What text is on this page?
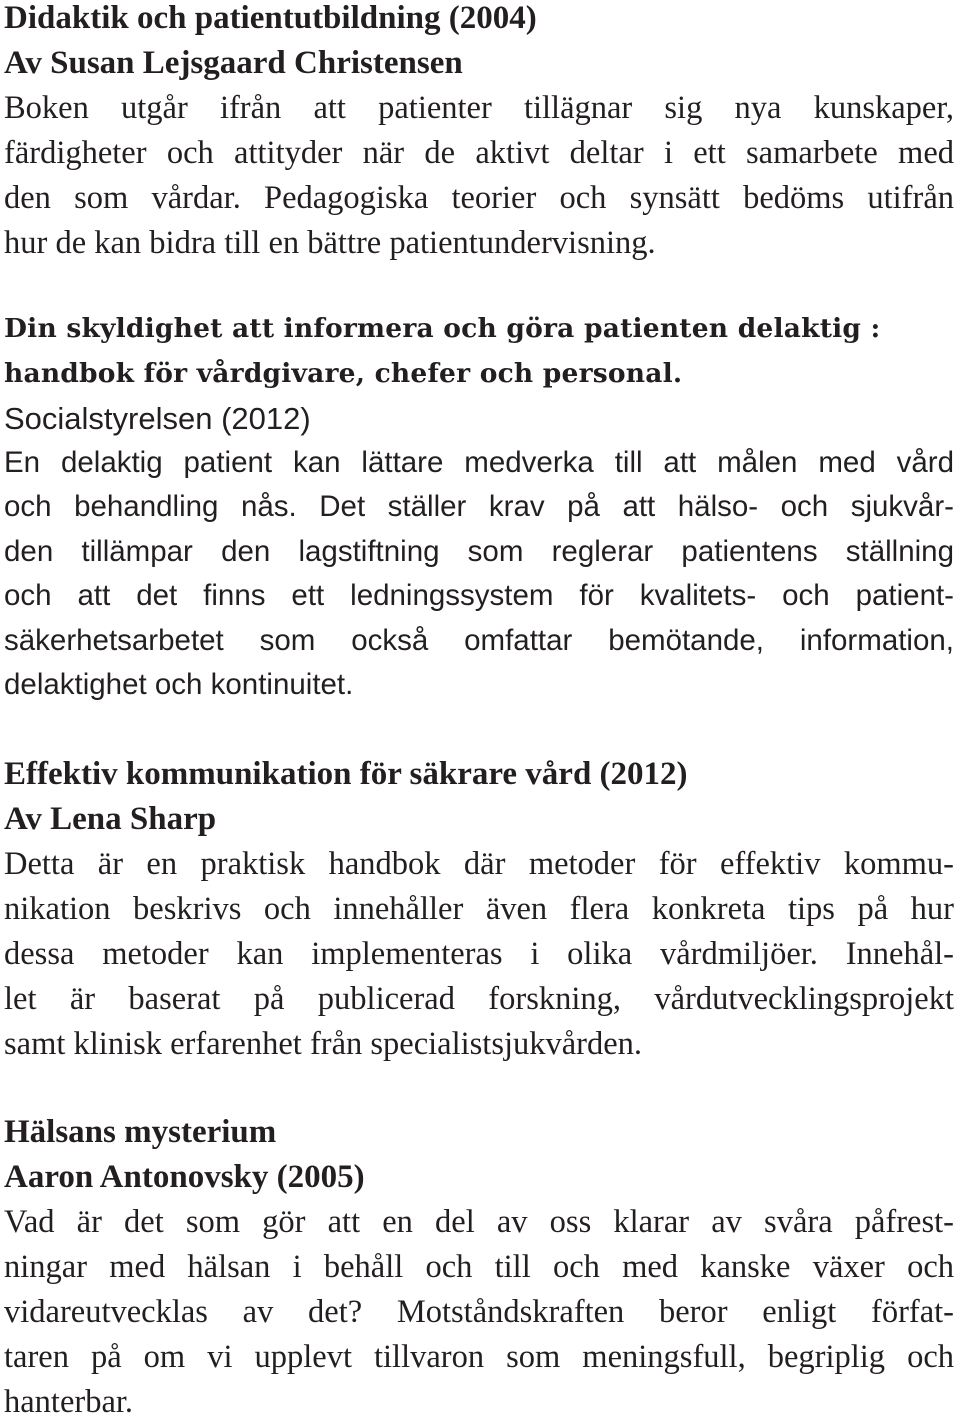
Didaktik och patientutbildning (2004)
Av Susan Lejsgaard Christensen

Boken utgår ifrån att patienter tillägnar sig nya kunskaper,
färdigheter och attityder när de aktivt deltar i ett samarbete med
den som vårdar. Pedagogiska teorier och synsätt bedöms utifrån
hur de kan bidra till en bättre patientundervisning.

Din skyldighet att informera och göra patienten delaktig :
handbok för vårdgivare, chefer och personal.
Socialstyrelsen (2012)

En delaktig patient kan lättare medverka till att målen med vård
och behandling nås. Det ställer krav på att hälso- och sjukvår-
den tillämpar den lagstiftning som reglerar patientens ställning
och att det finns ett ledningssystem för kvalitets- och patient-
säkerhetsarbetet som också omfattar bemötande, information,
delaktighet och kontinuitet.

Effektiv kommunikation för säkrare vård (2012)
Av Lena Sharp

Detta är en praktisk handbok där metoder för effektiv kommu-
nikation beskrivs och innehåller även flera konkreta tips på hur
dessa metoder kan implementeras i olika vårdmiljöer. Innehål-
let är baserat på publicerad forskning, vårdutvecklingsprojekt
samt klinisk erfarenhet från specialistsjukvården.

Hälsans mysterium
Aaron Antonovsky (2005)

Vad är det som gör att en del av oss klarar av svåra påfrest-
ningar med hälsan i behåll och till och med kanske växer och
vidareutvecklas av det? Motståndskraften beror enligt förfat-
taren på om vi upplevt tillvaron som meningsfull, begriplig och
hanterbar.
